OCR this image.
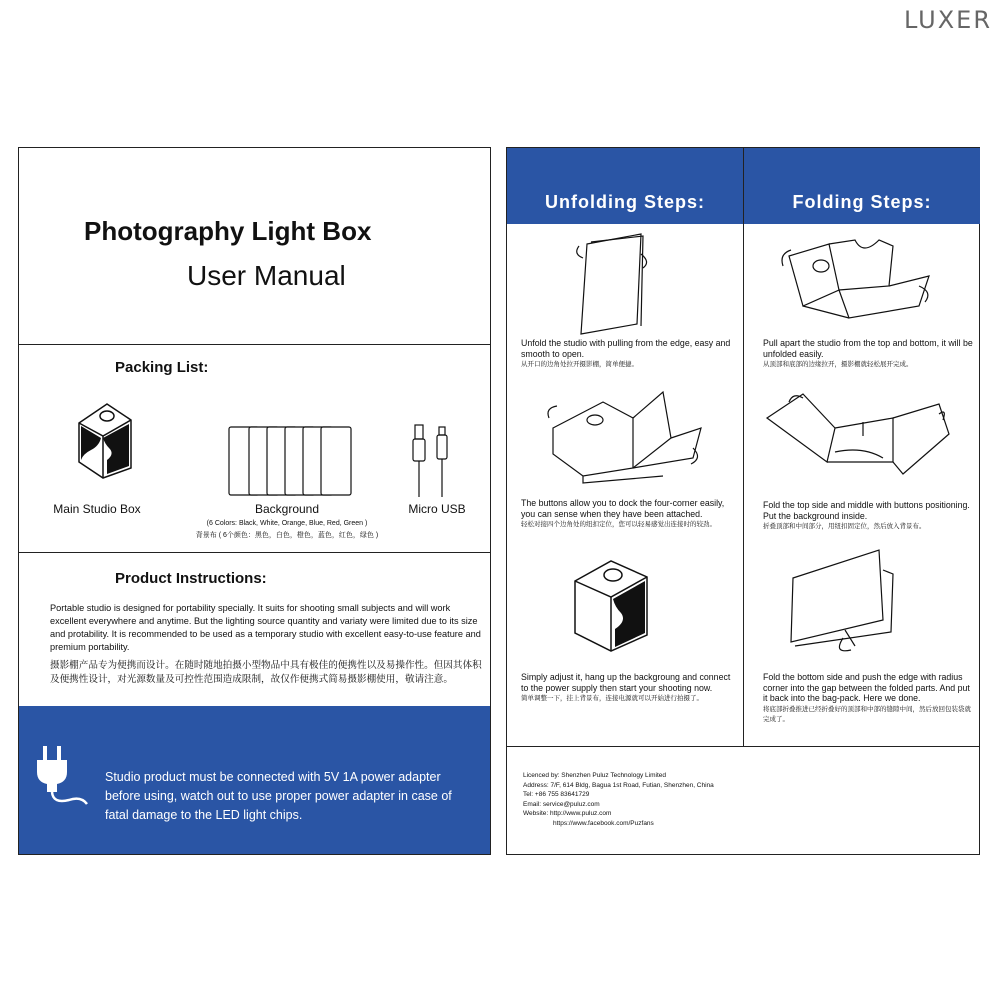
LUXER
Photography Light Box
User Manual
Packing List:
Main Studio Box	Background
(6 Colors: Black, White, Orange, Blue, Red, Green )
背景布 ( 6个颜色：黑色，白色，橙色，蓝色，红色，绿色 )
Micro USB
Product Instructions:
Portable studio is designed for portability specially. It suits for shooting small subjects and will work excellent everywhere and anytime. But the lighting source quantity and variaty were limited due to its size and protability. It is recommended to be used as a temporary studio with excellent easy-to-use feature and premium portability.
摄影棚产品专为便携而设计。在随时随地拍摄小型物品中具有极佳的便携性以及易操作性。但因其体积及便携性设计，对光源数量及可控性范围造成限制，故仅作便携式简易摄影棚使用，敬请注意。
Studio product must be connected with 5V 1A power adapter before using, watch out to use proper power adapter in case of fatal damage to the LED light chips.
Unfolding Steps:	Folding Steps:
Unfold the studio with pulling from the edge, easy and smooth to open.
从开口的边角处拉开摄影棚，简单便捷。
The buttons allow you to dock the four-corner easily, you can sense when they have been attached.
轻松对接四个边角处的纽扣定位，您可以轻易感觉出连接时的较劲。
Simply adjust it, hang up the backgroung and connect to the power supply then start your shooting now.
简单调整一下，挂上背景布，连接电源就可以开始进行拍摄了。
Pull apart the studio from the top and bottom, it will be unfolded easily.
从顶部和底部的边缘拉开，摄影棚就轻松展开完成。
Fold the top side and middle with buttons positioning. Put the background inside.
折叠顶部和中间部分，用纽扣固定位，然后放入背景布。
Fold the bottom side and push the edge with radius corner into the gap between the folded parts. And put it back into the bag-pack. Here we done.
将底部折叠推进已经折叠好的顶部和中部的缝隙中间，然后放回包装袋就完成了。
Licenced by: Shenzhen Puluz Technology Limited
Address: 7/F, 614 Bldg, Bagua 1st Road, Futian, Shenzhen, China
Tel: +86 755 83641729
Email: service@puluz.com
Website: http://www.puluz.com
https://www.facebook.com/Puzfans
